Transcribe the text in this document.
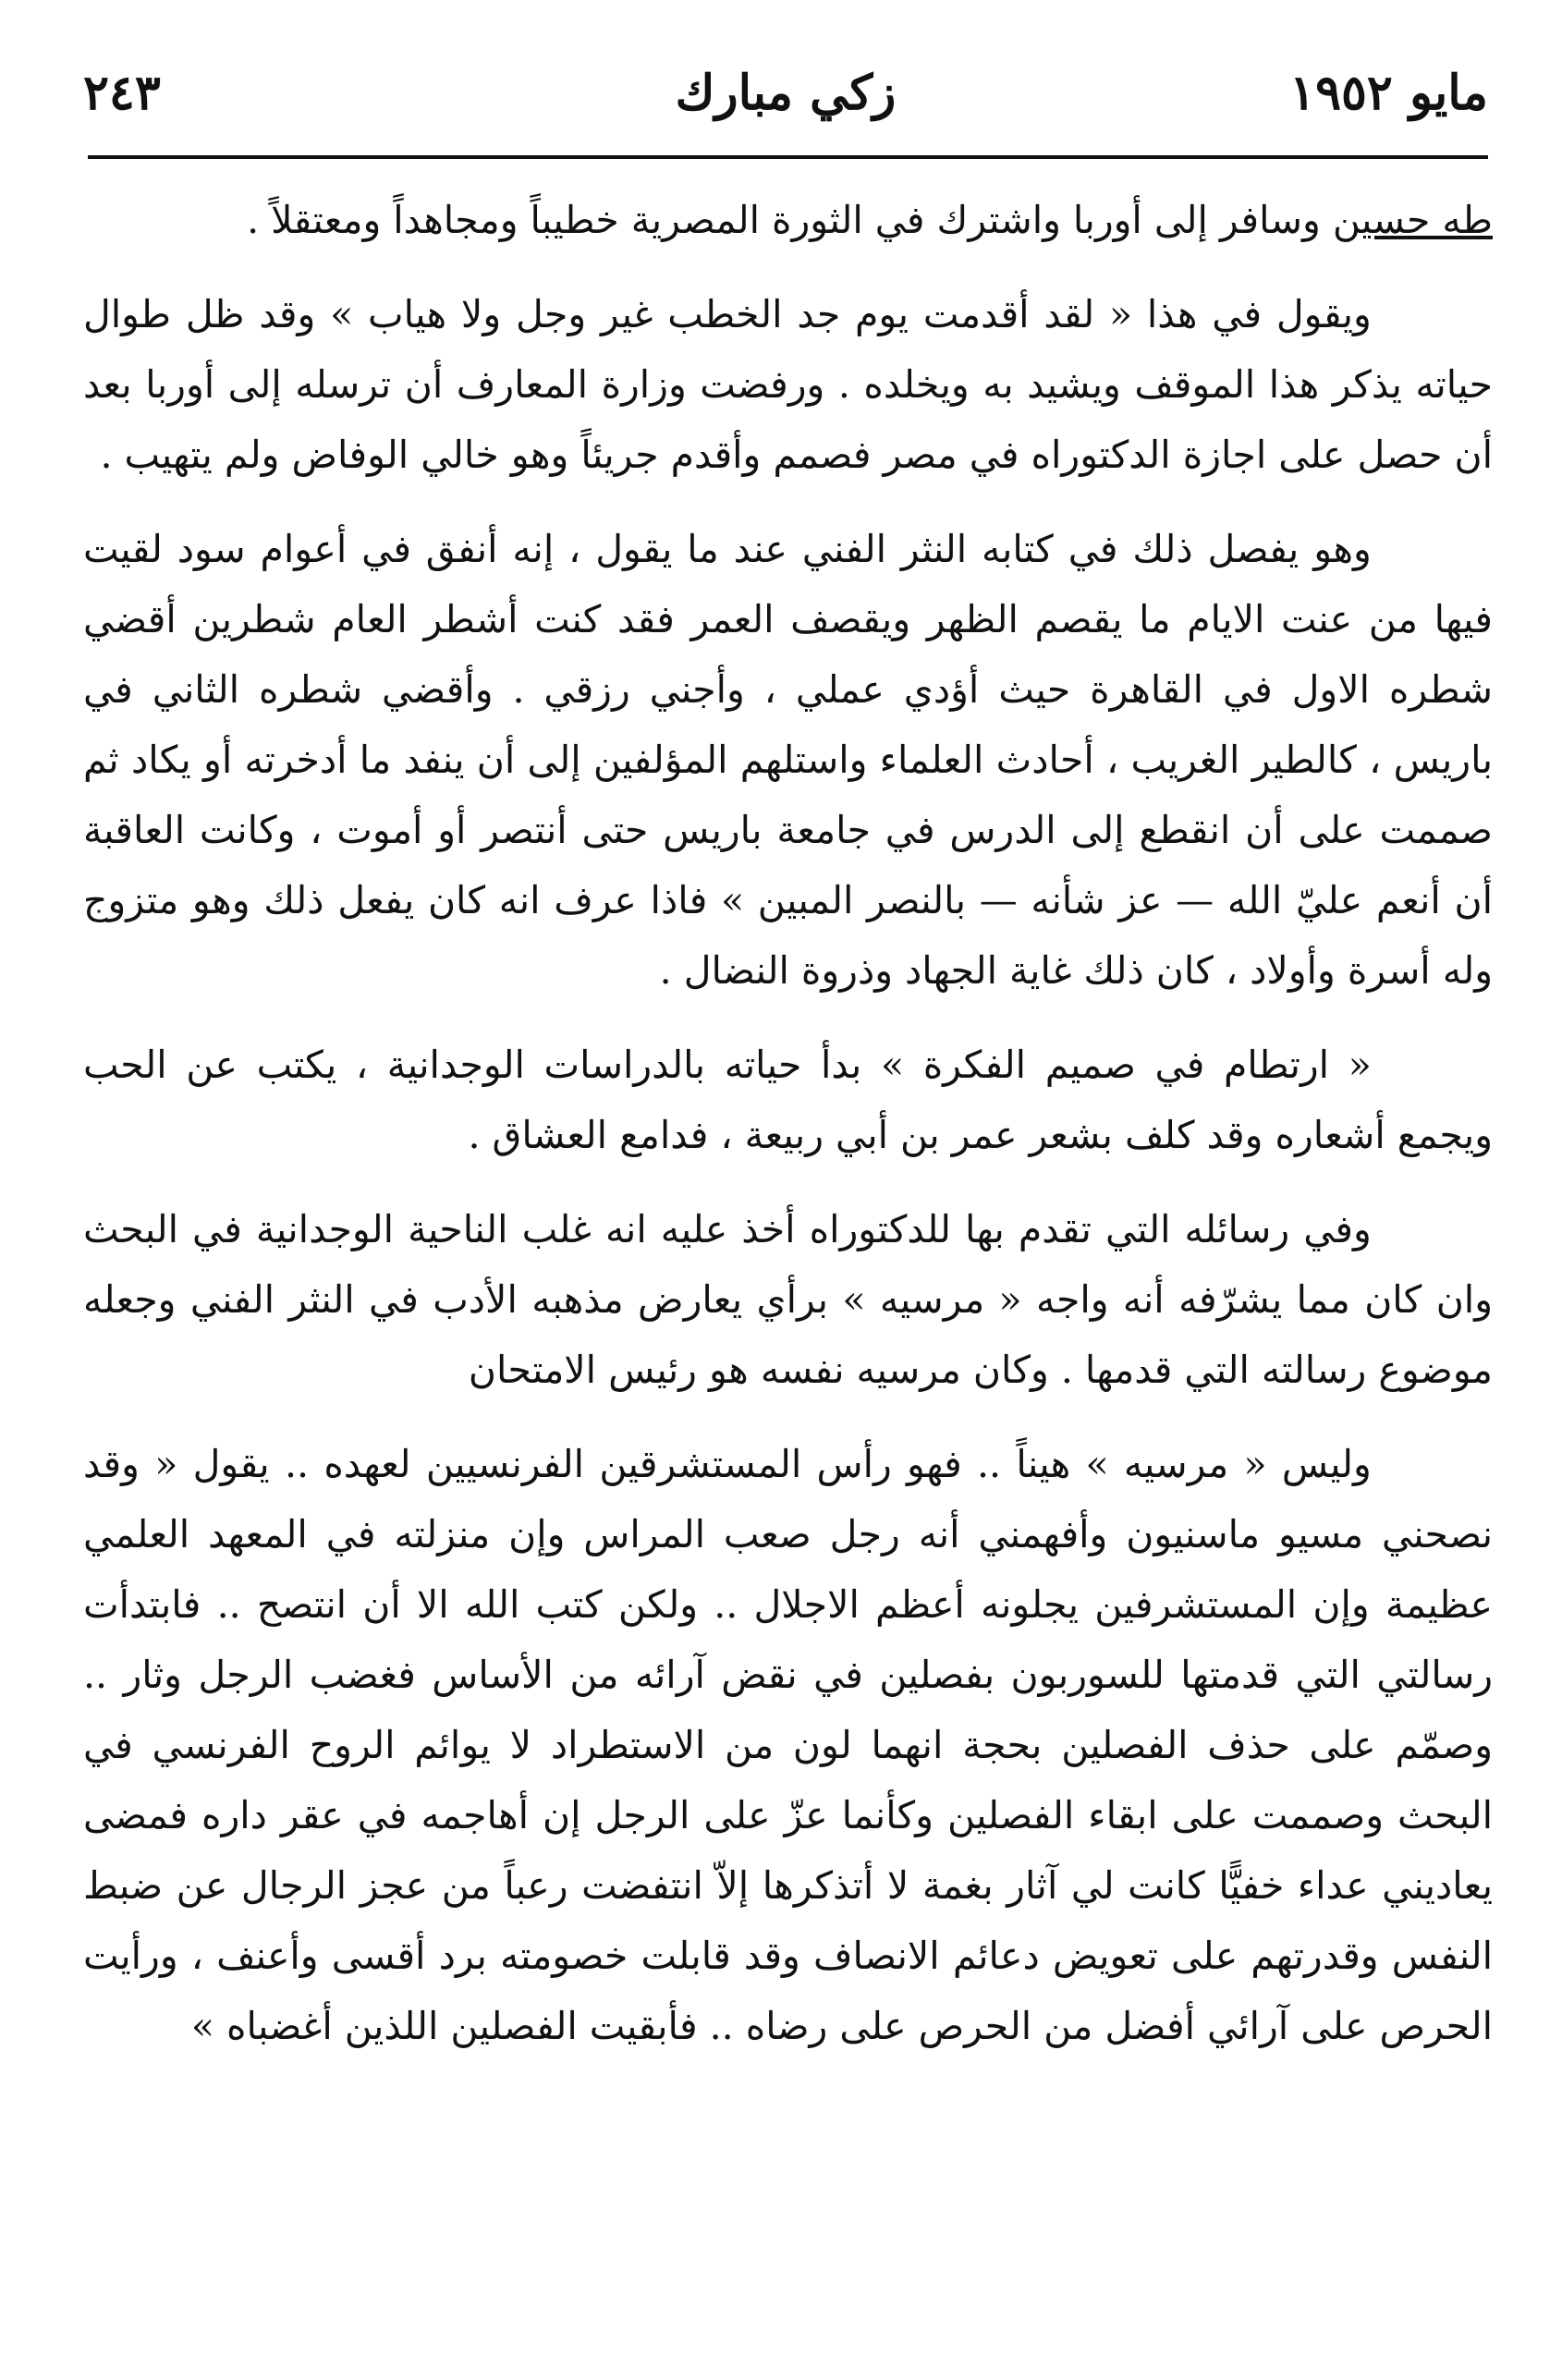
مايو ١٩٥٢
زكي مبارك
٢٤٣

طه حسين وسافر إلى أوربا واشترك في الثورة المصرية خطيباً ومجاهداً ومعتقلاً .

ويقول في هذا « لقد أقدمت يوم جد الخطب غير وجل ولا هياب » وقد ظل طوال حياته يذكر هذا الموقف ويشيد به ويخلده . ورفضت وزارة المعارف أن ترسله إلى أوربا بعد أن حصل على اجازة الدكتوراه في مصر فصمم وأقدم جريئاً وهو خالي الوفاض ولم يتهيب .

وهو يفصل ذلك في كتابه النثر الفني عند ما يقول ، إنه أنفق في أعوام سود لقيت فيها من عنت الايام ما يقصم الظهر ويقصف العمر فقد كنت أشطر العام شطرين أقضي شطره الاول في القاهرة حيث أؤدي عملي ، وأجني رزقي . وأقضي شطره الثاني في باريس ، كالطير الغريب ، أحادث العلماء واستلهم المؤلفين إلى أن ينفد ما أدخرته أو يكاد ثم صممت على أن انقطع إلى الدرس في جامعة باريس حتى أنتصر أو أموت ، وكانت العاقبة أن أنعم عليّ الله — عز شأنه — بالنصر المبين » فاذا عرف انه كان يفعل ذلك وهو متزوج وله أسرة وأولاد ، كان ذلك غاية الجهاد وذروة النضال .

« ارتطام في صميم الفكرة » بدأ حياته بالدراسات الوجدانية ، يكتب عن الحب ويجمع أشعاره وقد كلف بشعر عمر بن أبي ربيعة ، فدامع العشاق .

وفي رسائله التي تقدم بها للدكتوراه أخذ عليه انه غلب الناحية الوجدانية في البحث وان كان مما يشرّفه أنه واجه « مرسيه » برأي يعارض مذهبه الأدب في النثر الفني وجعله موضوع رسالته التي قدمها . وكان مرسيه نفسه هو رئيس الامتحان

وليس « مرسيه » هيناً .. فهو رأس المستشرقين الفرنسيين لعهده .. يقول « وقد نصحني مسيو ماسنيون وأفهمني أنه رجل صعب المراس وإن منزلته في المعهد العلمي عظيمة وإن المستشرفين يجلونه أعظم الاجلال .. ولكن كتب الله الا أن انتصح .. فابتدأت رسالتي التي قدمتها للسوربون بفصلين في نقض آرائه من الأساس فغضب الرجل وثار .. وصمّم على حذف الفصلين بحجة انهما لون من الاستطراد لا يوائم الروح الفرنسي في البحث وصممت على ابقاء الفصلين وكأنما عزّ على الرجل إن أهاجمه في عقر داره فمضى يعاديني عداء خفيًّا كانت لي آثار بغمة لا أتذكرها إلاّ انتفضت رعباً من عجز الرجال عن ضبط النفس وقدرتهم على تعويض دعائم الانصاف وقد قابلت خصومته برد أقسى وأعنف ، ورأيت الحرص على آرائي أفضل من الحرص على رضاه .. فأبقيت الفصلين اللذين أغضباه »
